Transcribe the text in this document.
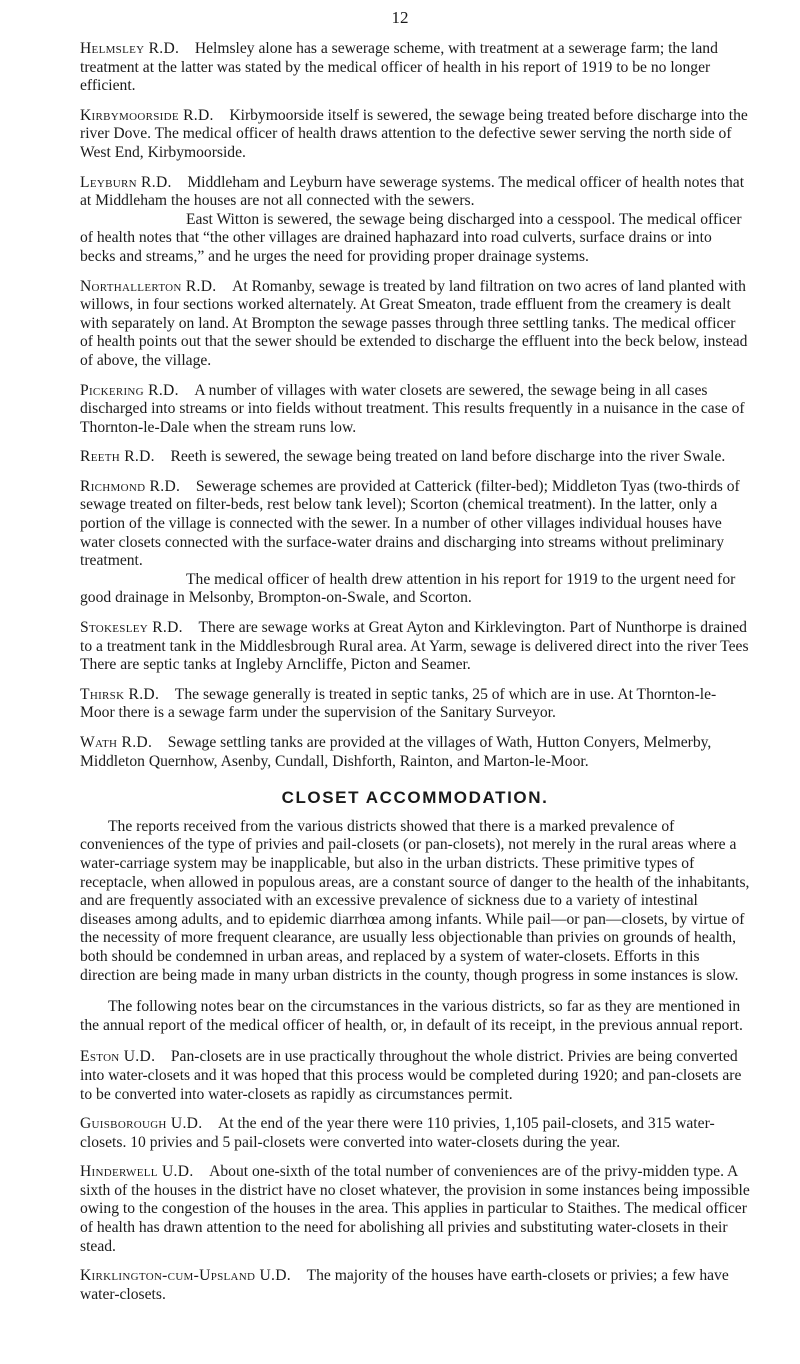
12

Helmsley R.D.  Helmsley alone has a sewerage scheme, with treatment at a sewerage farm; the land treatment at the latter was stated by the medical officer of health in his report of 1919 to be no longer efficient.

Kirbymoorside R.D.  Kirbymoorside itself is sewered, the sewage being treated before discharge into the river Dove. The medical officer of health draws attention to the defective sewer serving the north side of West End, Kirbymoorside.

Leyburn R.D.  Middleham and Leyburn have sewerage systems. The medical officer of health notes that at Middleham the houses are not all connected with the sewers.
East Witton is sewered, the sewage being discharged into a cesspool. The medical officer of health notes that “the other villages are drained haphazard into road culverts, surface drains or into becks and streams,” and he urges the need for providing proper drainage systems.

Northallerton R.D.  At Romanby, sewage is treated by land filtration on two acres of land planted with willows, in four sections worked alternately. At Great Smeaton, trade effluent from the creamery is dealt with separately on land. At Brompton the sewage passes through three settling tanks. The medical officer of health points out that the sewer should be extended to discharge the effluent into the beck below, instead of above, the village.

Pickering R.D.  A number of villages with water closets are sewered, the sewage being in all cases discharged into streams or into fields without treatment. This results frequently in a nuisance in the case of Thornton-le-Dale when the stream runs low.

Reeth R.D.  Reeth is sewered, the sewage being treated on land before discharge into the river Swale.

Richmond R.D.  Sewerage schemes are provided at Catterick (filter-bed); Middleton Tyas (two-thirds of sewage treated on filter-beds, rest below tank level); Scorton (chemical treatment). In the latter, only a portion of the village is connected with the sewer. In a number of other villages individual houses have water closets connected with the surface-water drains and discharging into streams without preliminary treatment.
The medical officer of health drew attention in his report for 1919 to the urgent need for good drainage in Melsonby, Brompton-on-Swale, and Scorton.

Stokesley R.D.  There are sewage works at Great Ayton and Kirklevington. Part of Nunthorpe is drained to a treatment tank in the Middlesbrough Rural area. At Yarm, sewage is delivered direct into the river Tees There are septic tanks at Ingleby Arncliffe, Picton and Seamer.

Thirsk R.D.  The sewage generally is treated in septic tanks, 25 of which are in use. At Thornton-le-Moor there is a sewage farm under the supervision of the Sanitary Surveyor.

Wath R.D.  Sewage settling tanks are provided at the villages of Wath, Hutton Conyers, Melmerby, Middleton Quernhow, Asenby, Cundall, Dishforth, Rainton, and Marton-le-Moor.

CLOSET ACCOMMODATION.

The reports received from the various districts showed that there is a marked prevalence of conveniences of the type of privies and pail-closets (or pan-closets), not merely in the rural areas where a water-carriage system may be inapplicable, but also in the urban districts. These primitive types of receptacle, when allowed in populous areas, are a constant source of danger to the health of the inhabitants, and are frequently associated with an excessive prevalence of sickness due to a variety of intestinal diseases among adults, and to epidemic diarrhœa among infants. While pail—or pan—closets, by virtue of the necessity of more frequent clearance, are usually less objectionable than privies on grounds of health, both should be condemned in urban areas, and replaced by a system of water-closets. Efforts in this direction are being made in many urban districts in the county, though progress in some instances is slow.

The following notes bear on the circumstances in the various districts, so far as they are mentioned in the annual report of the medical officer of health, or, in default of its receipt, in the previous annual report.

Eston U.D.  Pan-closets are in use practically throughout the whole district. Privies are being converted into water-closets and it was hoped that this process would be completed during 1920; and pan-closets are to be converted into water-closets as rapidly as circumstances permit.

Guisborough U.D.  At the end of the year there were 110 privies, 1,105 pail-closets, and 315 water-closets. 10 privies and 5 pail-closets were converted into water-closets during the year.

Hinderwell U.D.  About one-sixth of the total number of conveniences are of the privy-midden type. A sixth of the houses in the district have no closet whatever, the provision in some instances being impossible owing to the congestion of the houses in the area. This applies in particular to Staithes. The medical officer of health has drawn attention to the need for abolishing all privies and substituting water-closets in their stead.

Kirklington-cum-Upsland U.D.  The majority of the houses have earth-closets or privies; a few have water-closets.
